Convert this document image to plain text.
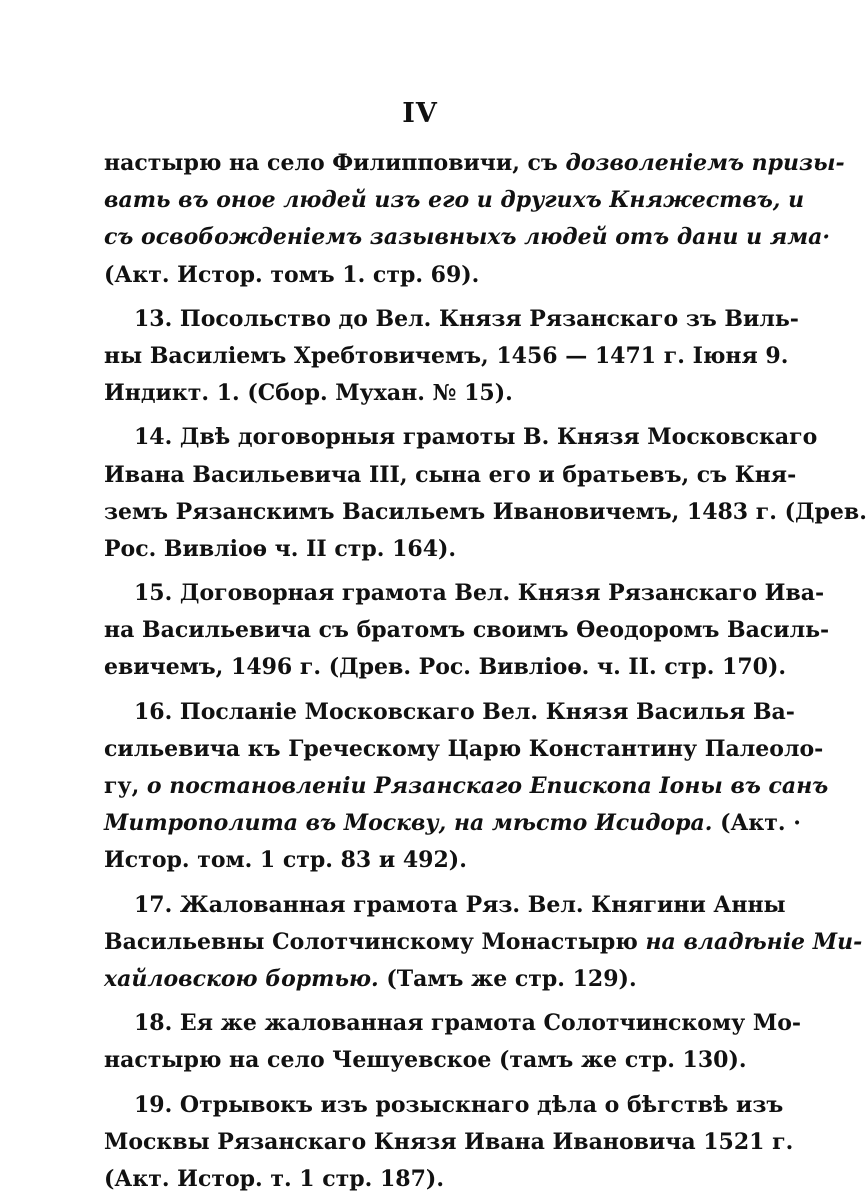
IV
настырю на село Филипповичи, съ дозволенiемъ призы-
вать въ оное людей изъ его и другихъ Княжествъ, и
съ освобожденiемъ зазывныхъ людей отъ дани и яма·
(Акт. Истор. томъ 1. стр. 69).
13. Посольство до Вел. Князя Рязанскаго зъ Виль-
ны Василiемъ Хребтовичемъ, 1456 — 1471 г. Iюня 9.
Индикт. 1. (Сбор. Мухан. № 15).
14. Двѣ договорныя грамоты В. Князя Московскаго
Ивана Васильевича III, сына его и братьевъ, съ Кня-
земъ Рязанскимъ Васильемъ Ивановичемъ, 1483 г. (Древ.
Рос. Вивлiоѳ ч. II стр. 164).
15. Договорная грамота Вел. Князя Рязанскаго Ива-
на Васильевича съ братомъ своимъ Ѳеодоромъ Василь-
евичемъ, 1496 г. (Древ. Рос. Вивлiоѳ. ч. II. стр. 170).
16. Посланiе Московскаго Вел. Князя Василья Ва-
сильевича къ Греческому Царю Константину Палеоло-
гу, о постановленiи Рязанскаго Епископа Iоны въ санъ
Митрополита въ Москву, на мѣсто Исидора. (Акт. ·
Истор. том. 1 стр. 83 и 492).
17. Жалованная грамота Ряз. Вел. Княгини Анны
Васильевны Солотчинскому Монастырю на владѣнiе Ми-
хайловскою бортью. (Тамъ же стр. 129).
18. Ея же жалованная грамота Солотчинскому Мо-
настырю на село Чешуевское (тамъ же стр. 130).
19. Отрывокъ изъ розыскнаго дѣла о бѣгствѣ изъ
Москвы Рязанскаго Князя Ивана Ивановича 1521 г.
(Акт. Истор. т. 1 стр. 187).
